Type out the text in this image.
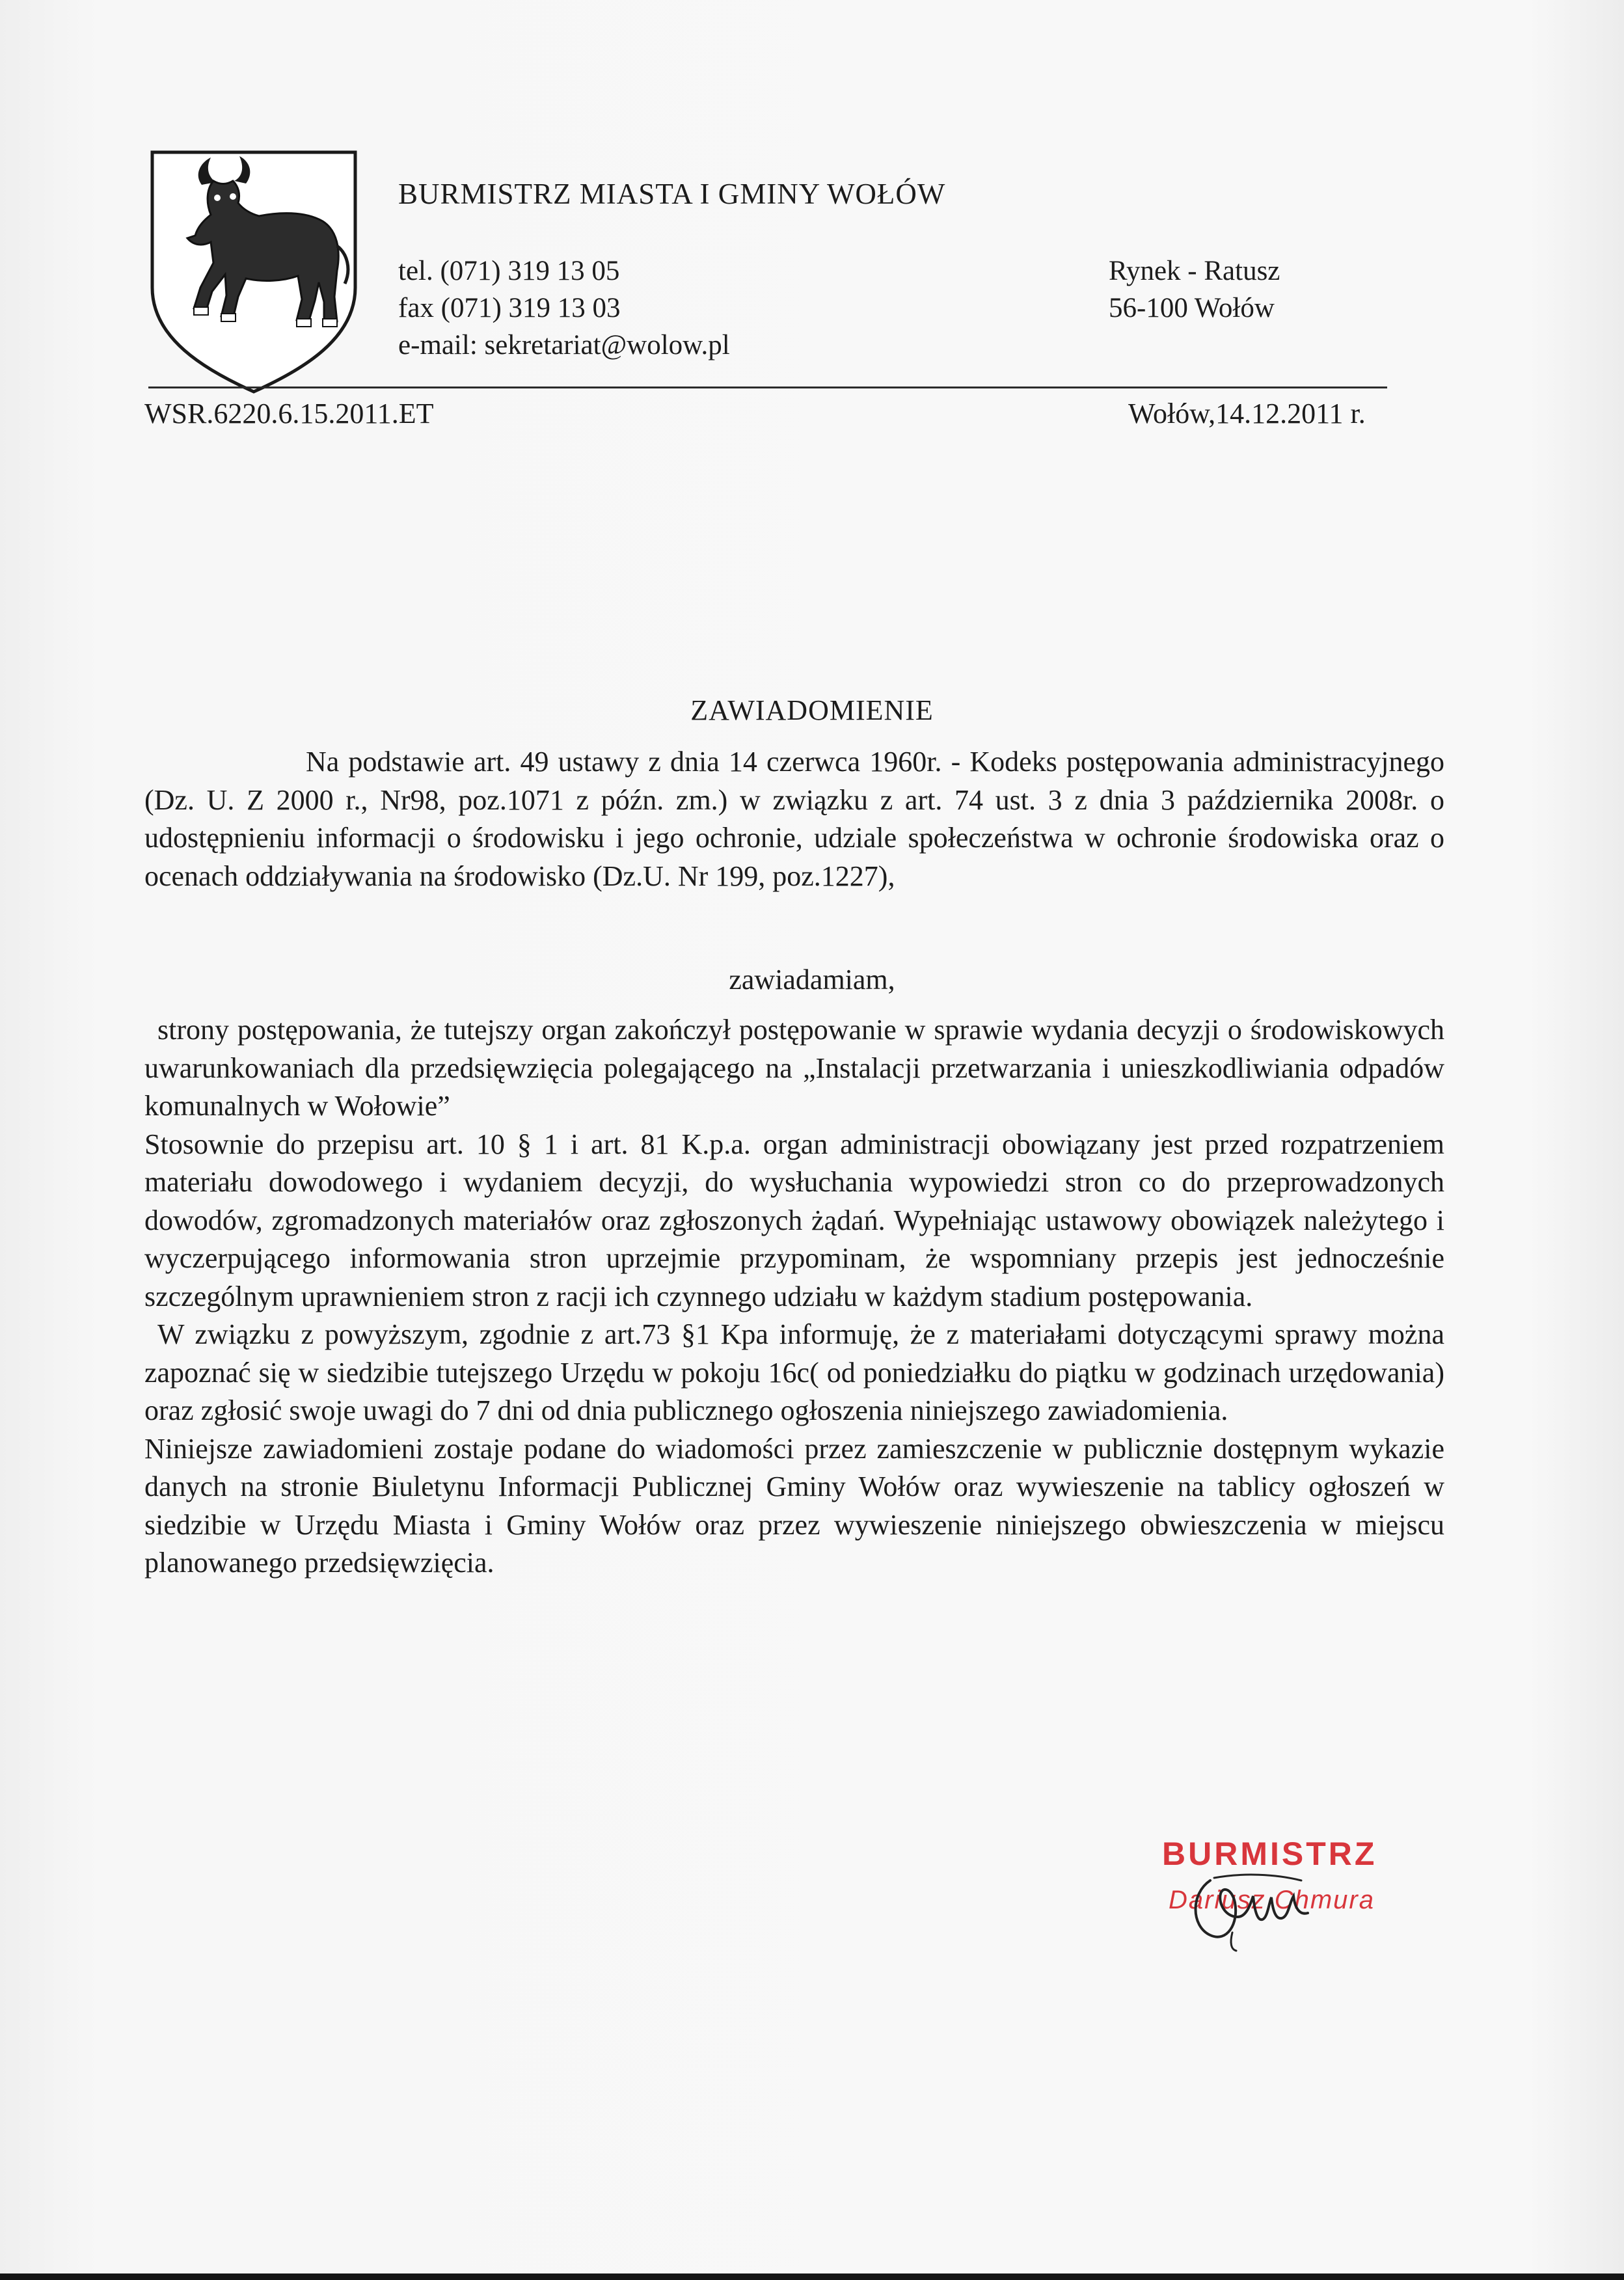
BURMISTRZ MIASTA I GMINY WOŁÓW
tel. (071) 319 13 05
fax (071) 319 13 03
e-mail: sekretariat@wolow.pl
Rynek - Ratusz
56-100 Wołów
WSR.6220.6.15.2011.ET	Wołów,14.12.2011 r.
ZAWIADOMIENIE

Na podstawie art. 49 ustawy z dnia 14 czerwca 1960r. - Kodeks postępowania administracyjnego (Dz. U. Z 2000 r., Nr98, poz.1071 z późn. zm.) w związku z art. 74 ust. 3 z dnia 3 października 2008r. o udostępnieniu informacji o środowisku i jego ochronie, udziale społeczeństwa w ochronie środowiska oraz o ocenach oddziaływania na środowisko (Dz.U. Nr 199, poz.1227),

zawiadamiam,

strony postępowania, że tutejszy organ zakończył postępowanie w sprawie wydania decyzji o środowiskowych uwarunkowaniach dla przedsięwzięcia polegającego na „Instalacji przetwarzania i unieszkodliwiania odpadów komunalnych w Wołowie”

Stosownie do przepisu art. 10 § 1 i art. 81 K.p.a. organ administracji obowiązany jest przed rozpatrzeniem materiału dowodowego i wydaniem decyzji, do wysłuchania wypowiedzi stron co do przeprowadzonych dowodów, zgromadzonych materiałów oraz zgłoszonych żądań. Wypełniając ustawowy obowiązek należytego i wyczerpującego informowania stron uprzejmie przypominam, że wspomniany przepis jest jednocześnie szczególnym uprawnieniem stron z racji ich czynnego udziału w każdym stadium postępowania.

W związku z powyższym, zgodnie z art.73 §1 Kpa informuję, że z materiałami dotyczącymi sprawy można zapoznać się w siedzibie tutejszego Urzędu w pokoju 16c( od poniedziałku do piątku w godzinach urzędowania) oraz zgłosić swoje uwagi do 7 dni od dnia publicznego ogłoszenia niniejszego zawiadomienia.

Niniejsze zawiadomieni zostaje podane do wiadomości przez zamieszczenie w publicznie dostępnym wykazie danych na stronie Biuletynu Informacji Publicznej Gminy Wołów oraz wywieszenie na tablicy ogłoszeń w siedzibie w Urzędu Miasta i Gminy Wołów oraz przez wywieszenie niniejszego obwieszczenia w miejscu planowanego przedsięwzięcia.

BURMISTRZ
Dariusz Chmura
